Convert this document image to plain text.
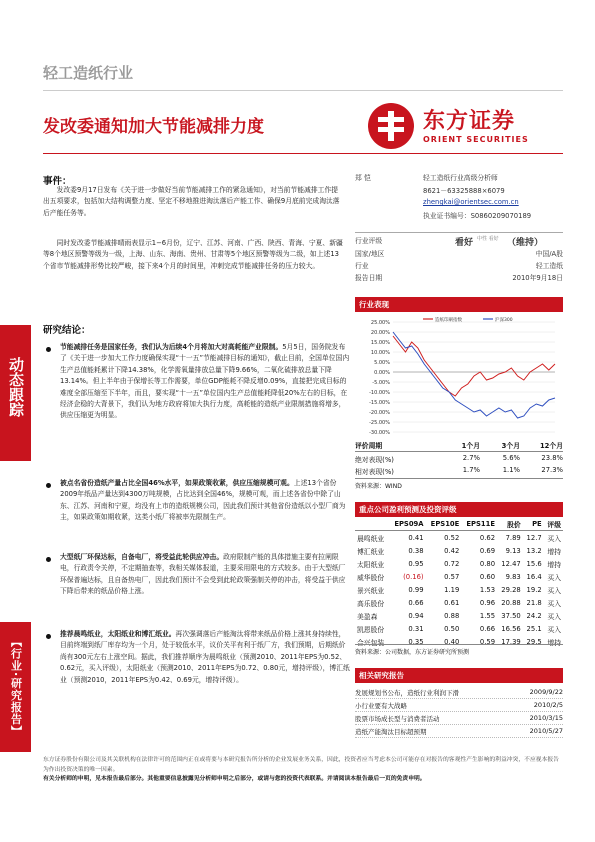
动态跟踪
【行业·研究报告】
轻工造纸行业
发改委通知加大节能减排力度	东方证券
ORIENT SECURITIES
事件：
发改委9月17日发布《关于进一步做好当前节能减排工作的紧急通知》，对当前节能减排工作提出五项要求，包括加大结构调整力度、坚定不移地推进淘汰落后产能工作、确保9月底前完成淘汰落后产能任务等。
同时发改委节能减排晴雨表显示1−6月份，辽宁、江苏、河南、广西、陕西、青海、宁夏、新疆等8个地区预警等级为一级，上海、山东、海南、贵州、甘肃等5个地区预警等级为二级，如上述13个省市节能减排形势比较严峻，接下来4个月的时间里，冲刺完成节能减排任务的压力较大。
研究结论：
节能减排任务是国家任务，我们认为后续4个月将加大对高耗能产业限制。5月5日，国务院发布了《关于进一步加大工作力度确保实现“十一五”节能减排目标的通知》，截止目前，全国单位国内生产总值能耗累计下降14.38%，化学需氧量排放总量下降9.66%，二氧化硫排放总量下降13.14%。但上半年由于保增长等工作需要，单位GDP能耗不降反增0.09%，直接把完成目标的难度全部压缩至下半年，而且，要实现“十一五”单位国内生产总值能耗降低20%左右的目标，在经济企稳的大背景下，我们认为地方政府将加大执行力度，高耗能的造纸产业限制措施将增多，供应压缩更为明显。
被点名省份造纸产量占比全国46%水平，如果政策收紧，供应压缩规模可观。上述13个省份2009年纸品产量达到4300万吨规模，占比达到全国46%，规模可观，而上述各省份中除了山东、江苏、河南和宁夏，均没有上市的造纸规模公司，因此我们预计其他省份造纸以小型厂商为主，如果政策如期收紧，这类小纸厂将被率先限制生产。
大型纸厂环保达标，自备电厂，将受益此轮供应冲击。政府限制产能的具体措施主要有拉闸限电，行政责令关停，不定期抽查等，我相关媒体报道，主要采用限电的方式较多。由于大型纸厂环保普遍达标，且自备热电厂，因此我们预计不会受到此轮政策强制关停的冲击，将受益于供应下降后带来的纸品价格上涨。
推荐晨鸣纸业，太阳纸业和博汇纸业。再次强调落后产能淘汰将带来纸品价格上涨其身持续性，目前终端到纸厂库存均为一个月，处于较低水平，议价关平有利于纸厂方，我们预期，后期纸价尚有300元左右上涨空间。据此，我们推荐顺序为晨鸣纸业（预测2010、2011年EPS为0.52、0.62元，买入评级），太阳纸业（预测2010、2011年EPS为0.72、0.80元，增持评级），博汇纸业（预测2010，2011年EPS为0.42、0.69元，增持评级）。
郑 恺	轻工造纸行业高级分析师
8621－63325888×6079
zhengkai@orientsec.com.cn
执业证书编号：S0860209070189
行业评级	看好 中性 看好 （维持）
国家/地区	中国/A股
行业	轻工造纸
报告日期	2010年9月18日
行业表现
25.00%
20.00%
15.00%
10.00%
5.00%
0.00%
-5.00%
-10.00%
-15.00%
-20.00%
-25.00%
-30.00%
造纸印刷指数	沪深300
评价周期	1个月	3个月	12个月
绝对表现(%)	2.7%	5.6%	23.8%
相对表现(%)	1.7%	1.1%	27.3%
资料来源：WIND
重点公司盈利预测及投资评级
	EPS09A	EPS10E	EPS11E	股价	PE	评级
晨鸣纸业	0.41	0.52	0.62	7.89	12.7	买入
博汇纸业	0.38	0.42	0.69	9.13	13.2	增持
太阳纸业	0.95	0.72	0.80	12.47	15.6	增持
威华股份	(0.16)	0.57	0.60	9.83	16.4	买入
景兴纸业	0.99	1.19	1.53	29.28	19.2	买入
高乐股份	0.66	0.61	0.96	20.88	21.8	买入
美盈森	0.94	0.88	1.55	37.50	24.2	买入
凯恩股份	0.31	0.50	0.66	16.56	25.1	买入
合兴包装	0.35	0.40	0.59	17.39	29.5	增持
资料来源：公司数据，东方证券研究所预测
相关研究报告
发展规划书公布，造纸行业利润下滑	2009/9/22
小行业要有大战略	2010/2/5
股票市场成长型与消费者活动	2010/3/15
造纸产能淘汰目标超预期	2010/5/27
东方证券股份有限公司及其关联机构在法律许可的范围内正在或将要与本研究报告所分析的企业发展业务关系，因此，投资者应当考虑本公司可能存在对报告的客观性产生影响的利益冲突，不应视本报告为作出投资决策的唯一因素。
有关分析师的申明，见本报告最后部分。其他重要信息披露见分析师申明之后部分，或请与您的投资代表联系。并请阅读本报告最后一页的免责申明。
